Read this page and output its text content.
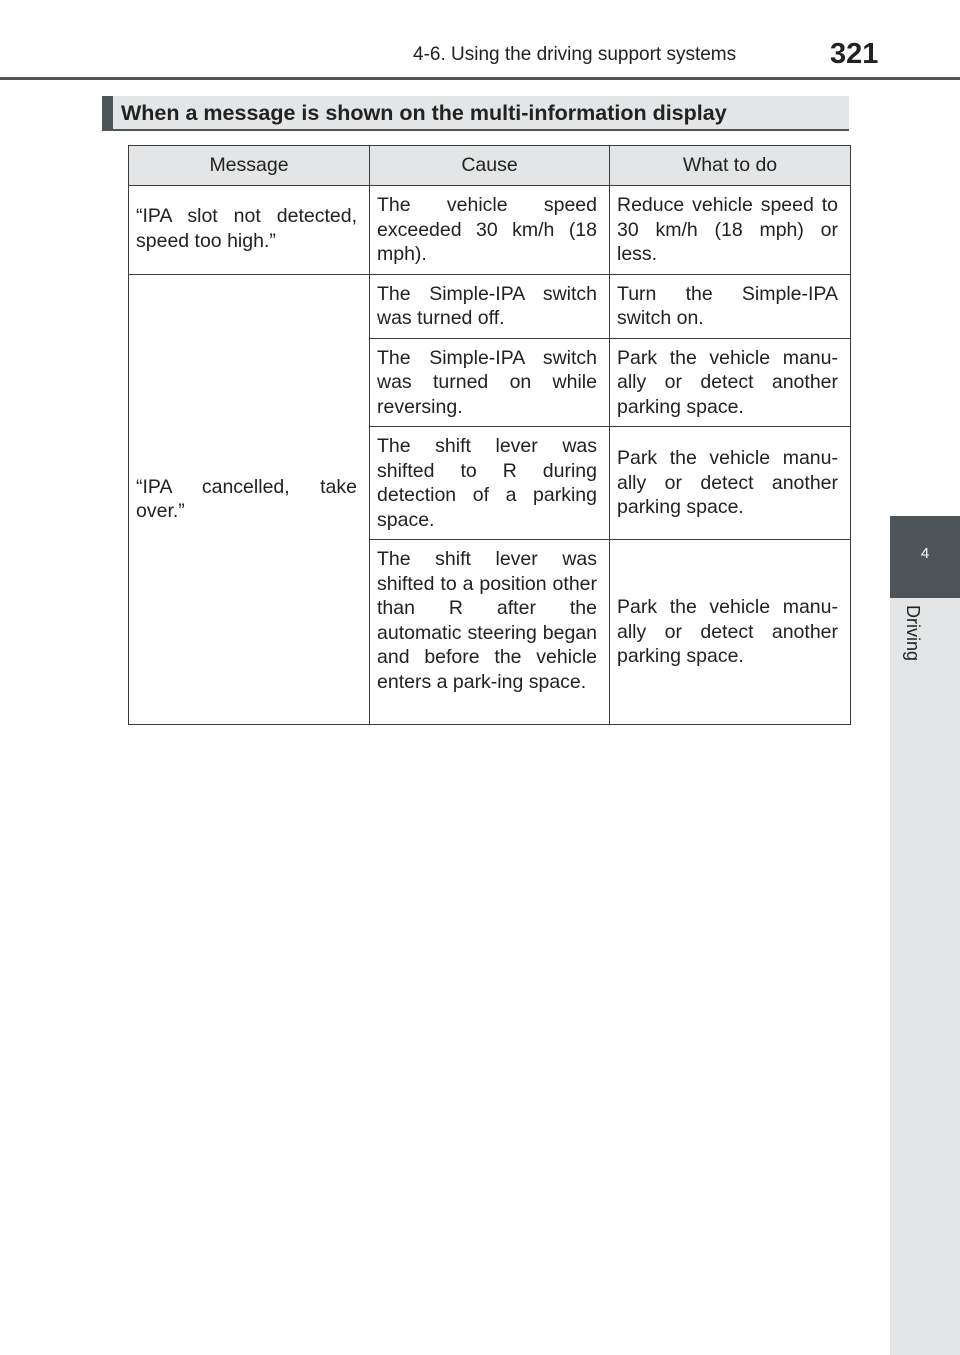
4-6. Using the driving support systems	321
When a message is shown on the multi-information display
4
Driving
Message	Cause	What to do
“IPA slot not detected, speed too high.”	The vehicle speed exceeded 30 km/h (18 mph).	Reduce vehicle speed to 30 km/h (18 mph) or less.
“IPA cancelled, take over.”	The Simple-IPA switch was turned off.	Turn the Simple-IPA switch on.
	The Simple-IPA switch was turned on while reversing.	Park the vehicle manu-ally or detect another parking space.
	The shift lever was shifted to R during detection of a parking space.	Park the vehicle manu-ally or detect another parking space.
	The shift lever was shifted to a position other than R after the automatic steering began and before the vehicle enters a park-ing space.	Park the vehicle manu-ally or detect another parking space.
